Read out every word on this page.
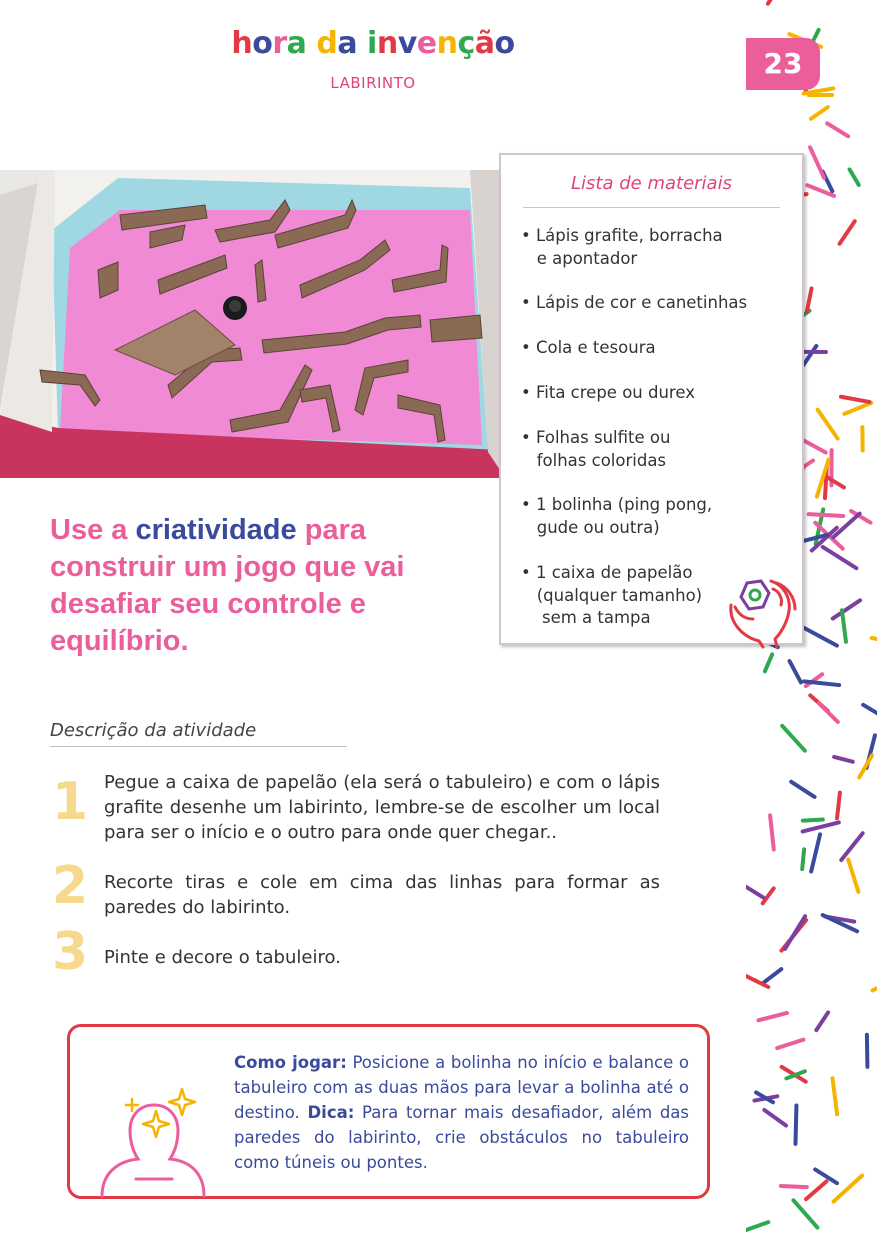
23
hora da invenção
LABIRINTO
Lista de materiais
• Lápis grafite, borracha
e apontador
• Lápis de cor e canetinhas
• Cola e tesoura
• Fita crepe ou durex
• Folhas sulfite ou
folhas coloridas
• 1 bolinha (ping pong,
gude ou outra)
• 1 caixa de papelão
(qualquer tamanho)
sem a tampa
Use a criatividade para construir um jogo que vai desafiar seu controle e equilíbrio.
Descrição da atividade
1 Pegue a caixa de papelão (ela será o tabuleiro) e com o lápis grafite desenhe um labirinto, lembre-se de escolher um local para ser o início e o outro para onde quer chegar..
2 Recorte tiras e cole em cima das linhas para formar as paredes do labirinto.
3 Pinte e decore o tabuleiro.
Como jogar: Posicione a bolinha no início e balance o tabuleiro com as duas mãos para levar a bolinha até o destino. Dica: Para tornar mais desafiador, além das paredes do labirinto, crie obstáculos no tabuleiro como túneis ou pontes.
